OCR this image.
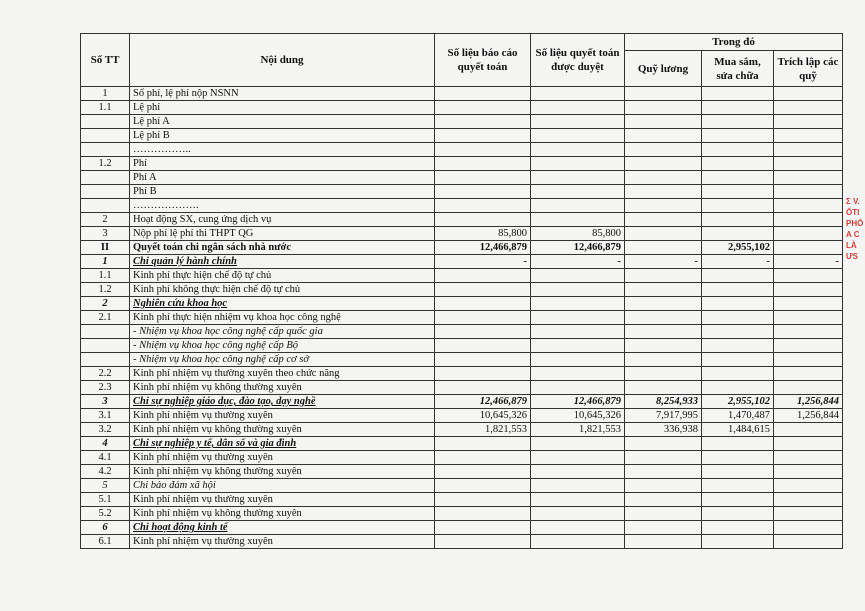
Số TT	Nội dung	Số liệu báo cáo quyết toán	Số liệu quyết toán được duyệt	Trong đó		
				Quỹ lương	Mua sắm, sửa chữa	Trích lập các quỹ
1	Số phí, lệ phí nộp NSNN					
1.1	Lệ phí					
	Lệ phí A					
	Lệ phí B					
	……………..					
1.2	Phí					
	Phí A					
	Phí B					
	……………….					
2	Hoạt động SX, cung ứng dịch vụ					
3	Nộp phí lệ phí thi THPT QG	85,800	85,800			
II	Quyết toán chi ngân sách nhà nước	12,466,879	12,466,879		2,955,102	
1	Chi quản lý hành chính	-	-	-	-	-
1.1	Kinh phí thực hiện chế độ tự chủ					
1.2	Kinh phí không thực hiện chế độ tự chủ					
2	Nghiên cứu khoa học					
2.1	Kinh phí thực hiện nhiệm vụ khoa học công nghệ					
	- Nhiệm vụ khoa học công nghệ cấp quốc gia					
	- Nhiệm vụ khoa học công nghệ cấp Bộ					
	- Nhiệm vụ khoa học công nghệ cấp cơ sở					
2.2	Kinh phí nhiệm vụ thường xuyên theo chức năng					
2.3	Kinh phí nhiệm vụ không thường xuyên					
3	Chi sự nghiệp giáo dục, đào tạo, dạy nghề	12,466,879	12,466,879	8,254,933	2,955,102	1,256,844
3.1	Kinh phí nhiệm vụ thường xuyên	10,645,326	10,645,326	7,917,995	1,470,487	1,256,844
3.2	Kinh phí nhiệm vụ không thường xuyên	1,821,553	1,821,553	336,938	1,484,615	
4	Chi sự nghiệp y tế, dân số và gia đình					
4.1	Kinh phí nhiệm vụ thường xuyên					
4.2	Kinh phí nhiệm vụ không thường xuyên					
5	Chi bảo đảm xã hội					
5.1	Kinh phí nhiệm vụ thường xuyên					
5.2	Kinh phí nhiệm vụ không thường xuyên					
6	Chi hoạt động kinh tế					
6.1	Kinh phí nhiệm vụ thường xuyên					
Σ V.
ỐTI
PHỐ
A C
LÀ
ƯS
